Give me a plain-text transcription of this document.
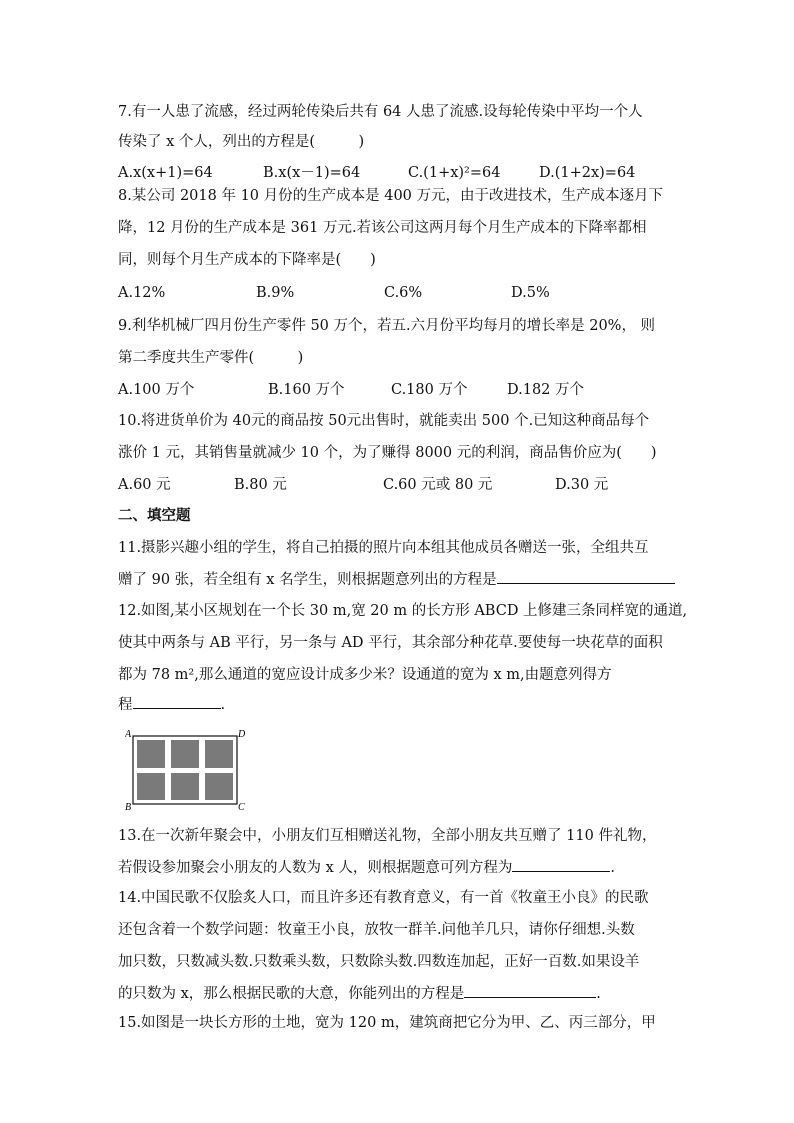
7.有一人患了流感，经过两轮传染后共有 64 人患了流感.设每轮传染中平均一个人
传染了 x 个人，列出的方程是(　　　)
A.x(x+1)=64	B.x(x－1)=64	C.(1+x)²=64	D.(1+2x)=64
8.某公司 2018 年 10 月份的生产成本是 400 万元，由于改进技术，生产成本逐月下
降，12 月份的生产成本是 361 万元.若该公司这两月每个月生产成本的下降率都相
同，则每个月生产成本的下降率是(　　)
A.12%	B.9%	C.6%	D.5%
9.利华机械厂四月份生产零件 50 万个，若五.六月份平均每月的增长率是 20%， 则
第二季度共生产零件(　　　)
A.100 万个	B.160 万个	C.180 万个	D.182 万个
10.将进货单价为 40元的商品按 50元出售时，就能卖出 500 个.已知这种商品每个
涨价 1 元，其销售量就减少 10 个，为了赚得 8000 元的利润，商品售价应为(　　)
A.60 元	B.80 元	C.60 元或 80 元	D.30 元
二、填空题
11.摄影兴趣小组的学生，将自己拍摄的照片向本组其他成员各赠送一张，全组共互
赠了 90 张，若全组有 x 名学生，则根据题意列出的方程是
12.如图,某小区规划在一个长 30 m,宽 20 m 的长方形 ABCD 上修建三条同样宽的通道,
使其中两条与 AB 平行，另一条与 AD 平行，其余部分种花草.要使每一块花草的面积
都为 78 m²,那么通道的宽应设计成多少米？设通道的宽为 x m,由题意列得方
程	.
A	D
B	C
13.在一次新年聚会中，小朋友们互相赠送礼物，全部小朋友共互赠了 110 件礼物，
若假设参加聚会小朋友的人数为 x 人，则根据题意可列方程为	.
14.中国民歌不仅脍炙人口，而且许多还有教育意义，有一首《牧童王小良》的民歌
还包含着一个数学问题：牧童王小良，放牧一群羊.问他羊几只，请你仔细想.头数
加只数，只数减头数.只数乘头数，只数除头数.四数连加起，正好一百数.如果设羊
的只数为 x，那么根据民歌的大意，你能列出的方程是	.
15.如图是一块长方形的土地，宽为 120 m，建筑商把它分为甲、乙、丙三部分，甲
